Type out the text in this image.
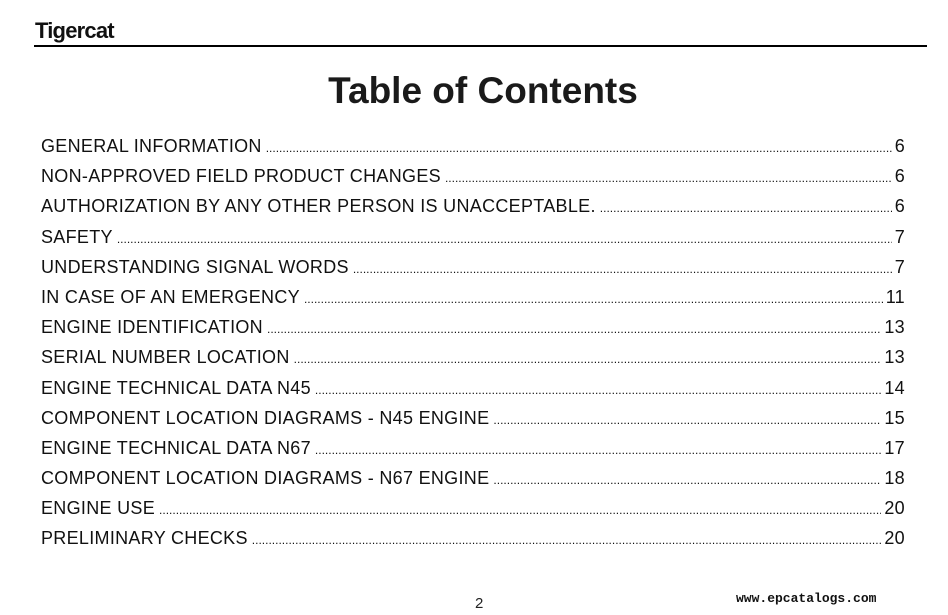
Tigercat
Table of Contents
GENERAL INFORMATION .....	6
NON-APPROVED FIELD PRODUCT CHANGES .....	6
AUTHORIZATION BY ANY OTHER PERSON IS UNACCEPTABLE. .....	6
SAFETY .....	7
UNDERSTANDING SIGNAL WORDS .....	7
IN CASE OF AN EMERGENCY .....	11
ENGINE IDENTIFICATION .....	13
SERIAL NUMBER LOCATION .....	13
ENGINE TECHNICAL DATA N45 .....	14
COMPONENT LOCATION DIAGRAMS - N45 ENGINE .....	15
ENGINE TECHNICAL DATA N67 .....	17
COMPONENT LOCATION DIAGRAMS - N67 ENGINE .....	18
ENGINE USE .....	20
PRELIMINARY CHECKS .....	20
2	www.epcatalogs.com
